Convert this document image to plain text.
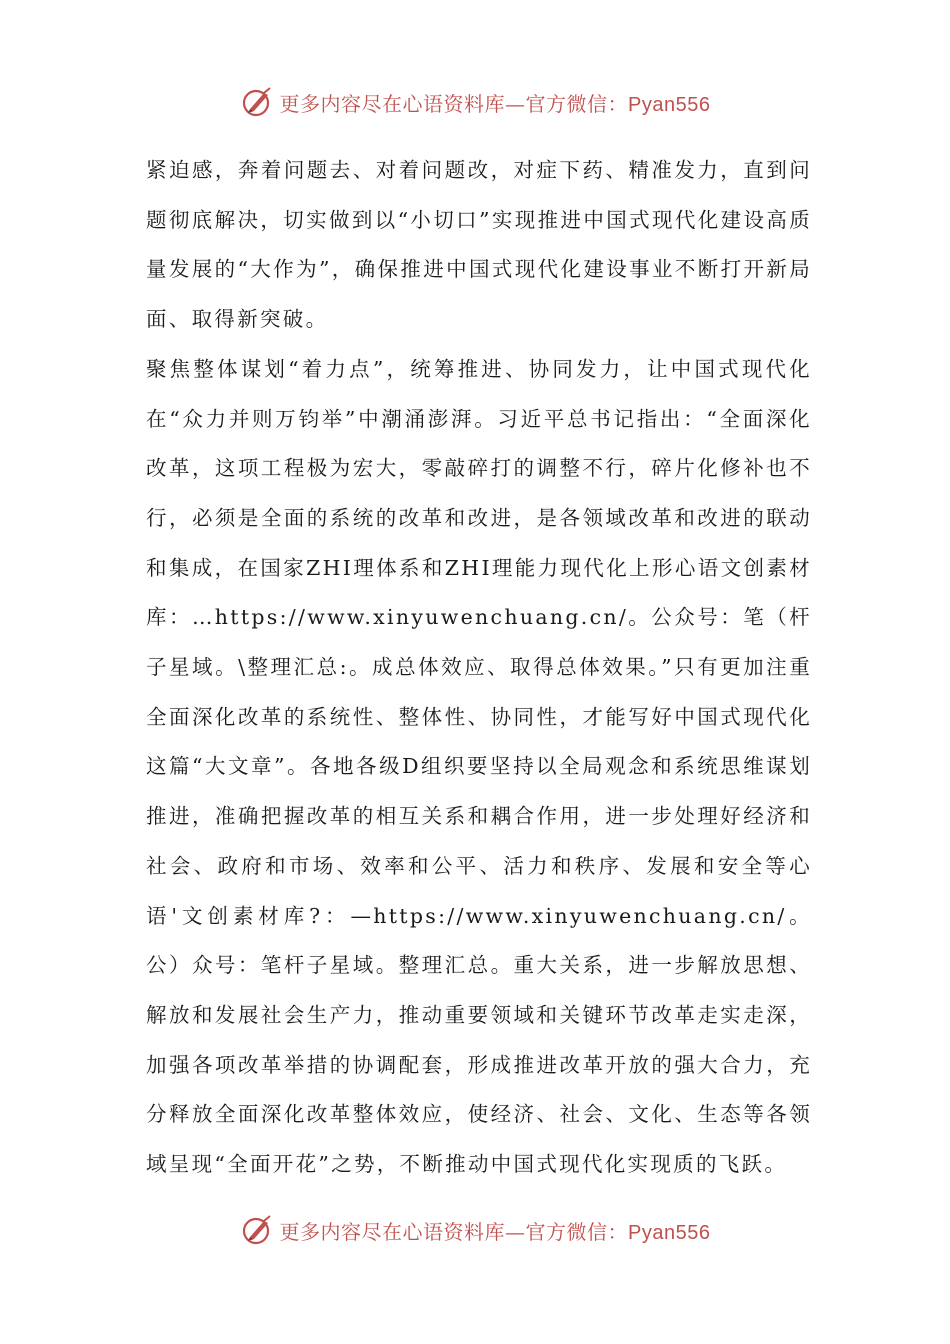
更多内容尽在心语资料库—官方微信：Pyan556

紧迫感，奔着问题去、对着问题改，对症下药、精准发力，直到问题彻底解决，切实做到以“小切口”实现推进中国式现代化建设高质量发展的“大作为”，确保推进中国式现代化建设事业不断打开新局面、取得新突破。

聚焦整体谋划“着力点”，统筹推进、协同发力，让中国式现代化在“众力并则万钧举”中潮涌澎湃。习近平总书记指出：“全面深化改革，这项工程极为宏大，零敲碎打的调整不行，碎片化修补也不行，必须是全面的系统的改革和改进，是各领域改革和改进的联动和集成，在国家ZHI理体系和ZHI理能力现代化上形心语文创素材库：…https://www.xinyuwenchuang.cn/。公众号：笔（杆子星域。\整理汇总:。成总体效应、取得总体效果。”只有更加注重全面深化改革的系统性、整体性、协同性，才能写好中国式现代化这篇“大文章”。各地各级D组织要坚持以全局观念和系统思维谋划推进，准确把握改革的相互关系和耦合作用，进一步处理好经济和社会、政府和市场、效率和公平、活力和秩序、发展和安全等心语'文创素材库?：—https://www.xinyuwenchuang.cn/。公）众号：笔杆子星域。整理汇总。重大关系，进一步解放思想、解放和发展社会生产力，推动重要领域和关键环节改革走实走深，加强各项改革举措的协调配套，形成推进改革开放的强大合力，充分释放全面深化改革整体效应，使经济、社会、文化、生态等各领域呈现“全面开花”之势，不断推动中国式现代化实现质的飞跃。

更多内容尽在心语资料库—官方微信：Pyan556
